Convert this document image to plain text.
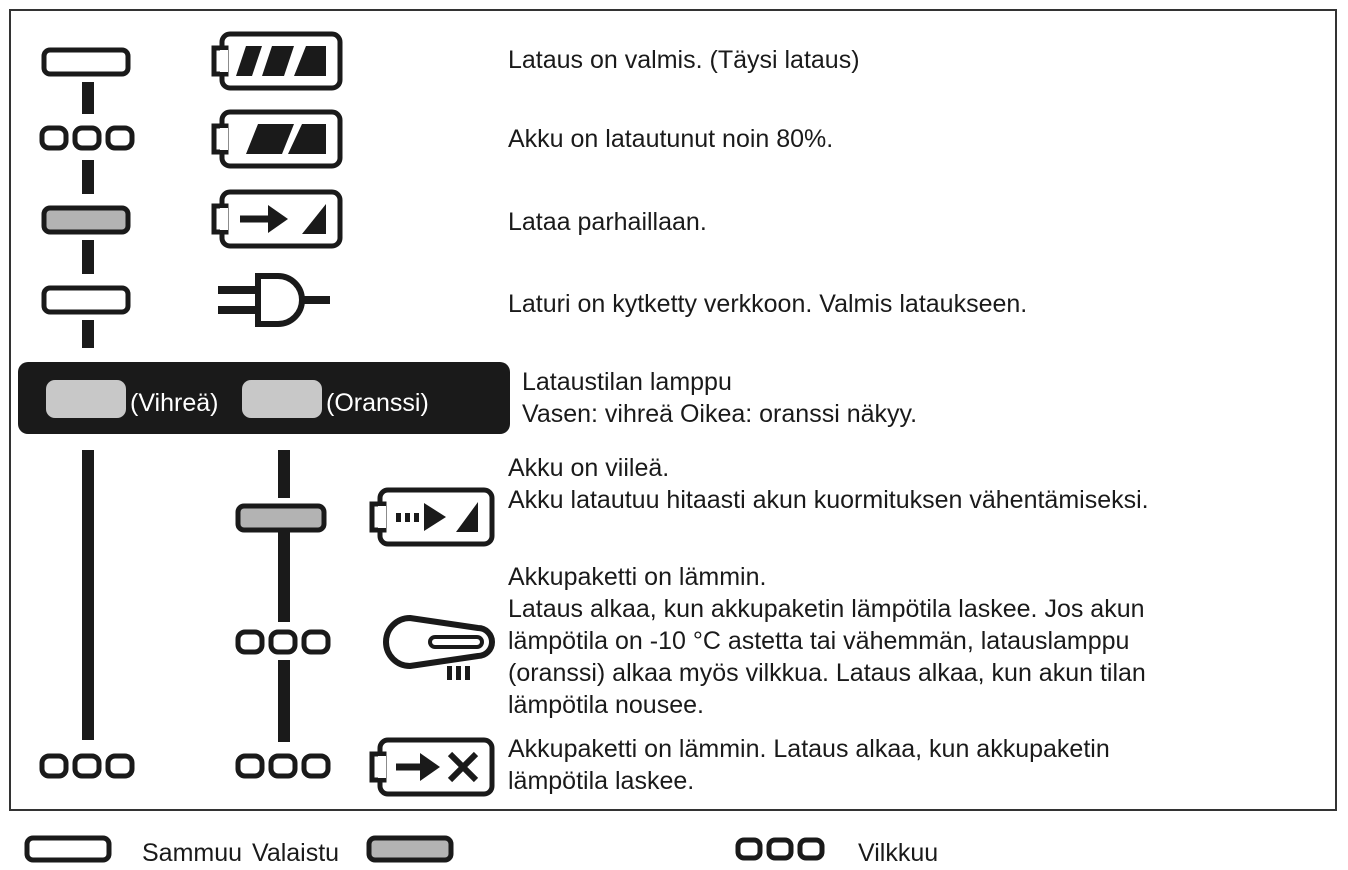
(Vihreä)	(Oranssi)
Lataus on valmis. (Täysi lataus)
Akku on latautunut noin 80%.
Lataa parhaillaan.
Laturi on kytketty verkkoon. Valmis lataukseen.
Lataustilan lamppu
Vasen: vihreä Oikea: oranssi näkyy.
Akku on viileä.
Akku latautuu hitaasti akun kuormituksen vähentämiseksi.
Akkupaketti on lämmin.
Lataus alkaa, kun akkupaketin lämpötila laskee. Jos akun
lämpötila on -10 °C astetta tai vähemmän, latauslamppu
(oranssi) alkaa myös vilkkua. Lataus alkaa, kun akun tilan
lämpötila nousee.
Akkupaketti on lämmin. Lataus alkaa, kun akkupaketin
lämpötila laskee.
Sammuu Valaistu	Vilkkuu
